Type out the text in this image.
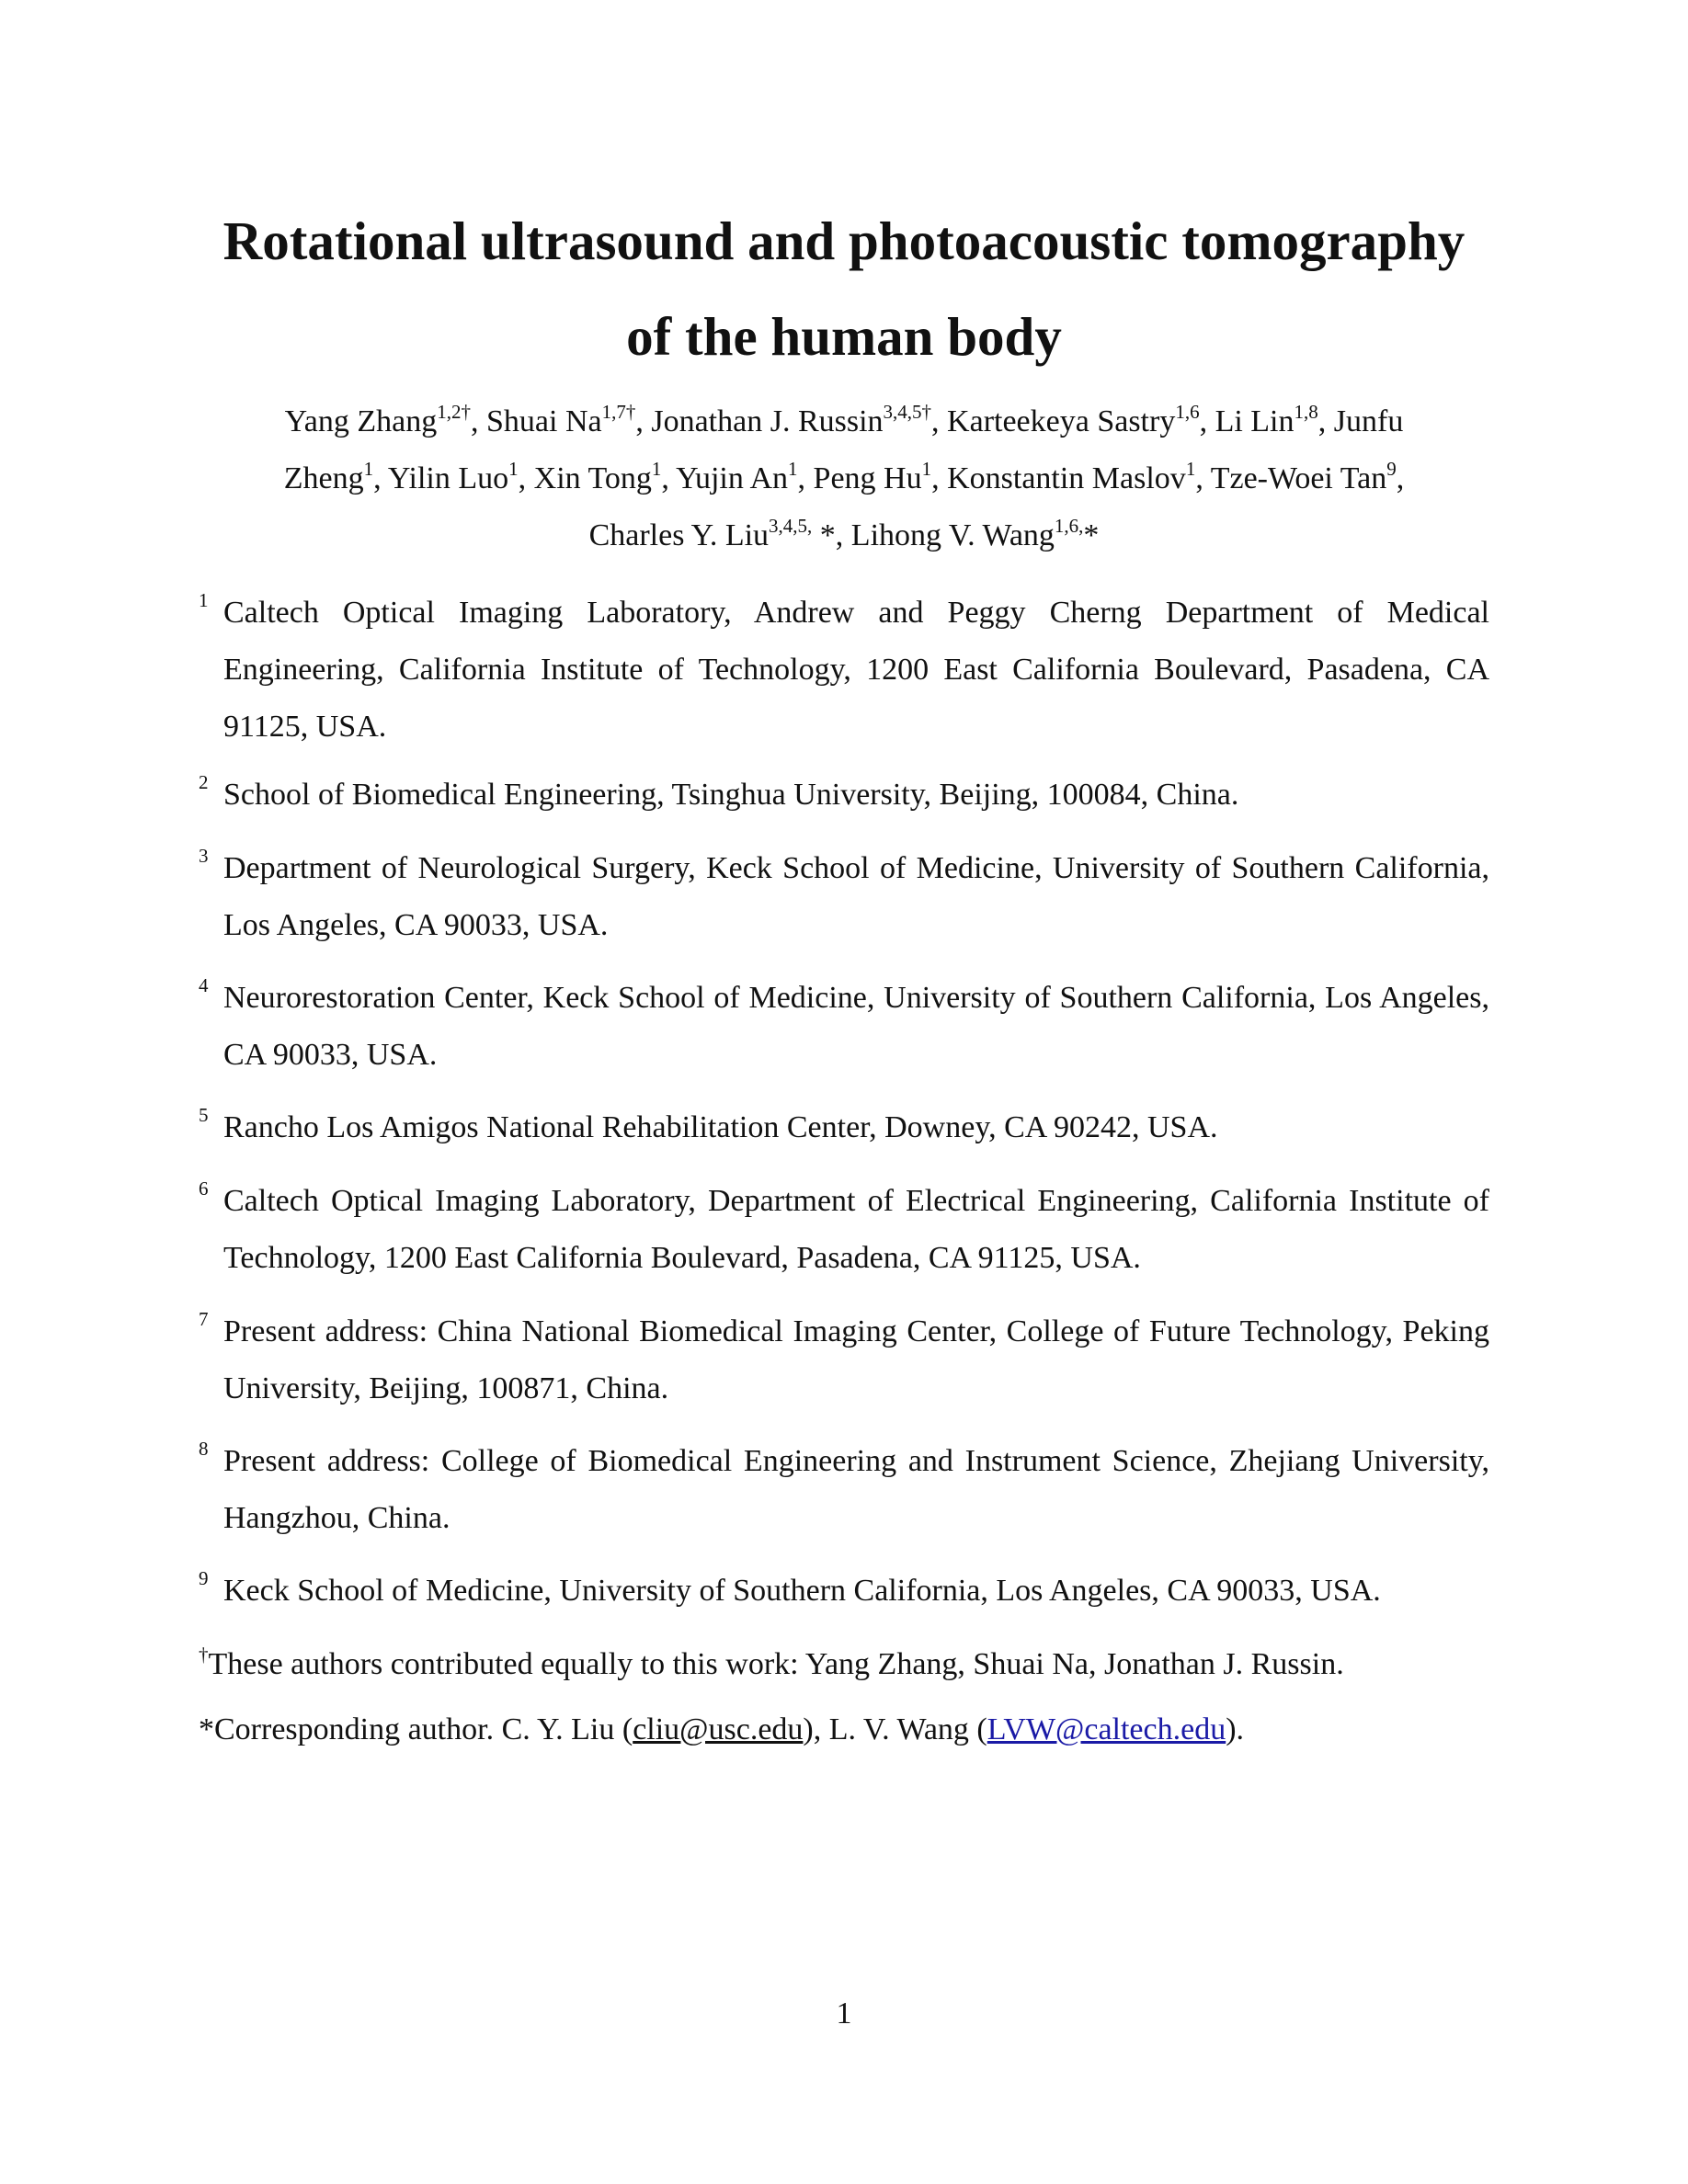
Rotational ultrasound and photoacoustic tomography
of the human body
Yang Zhang$^{1,2\dagger}$, Shuai $Na^{1,7\dagger}$, Jonathan J. Russin$^{3,4,5\dagger}$, Karteekeya Sastry$^{1,6}$, Li Lin$^{1,8}$, Junfu
Zheng$^1$, Yilin Luo$^1$, Xin Tong$^1$, Yujin An$^1$, Peng Hu$^1$, Konstantin Maslov$^1$, Tze-Woei Tan$^9$,
Charles Y. Liu$^{3,4,5,}$ *, Lihong V. Wang$^{1,6,}$*
1 Caltech Optical Imaging Laboratory, Andrew and Peggy Cherng Department of Medical Engineering, California Institute of Technology, 1200 East California Boulevard, Pasadena, CA 91125, USA.
2 School of Biomedical Engineering, Tsinghua University, Beijing, 100084, China.
3 Department of Neurological Surgery, Keck School of Medicine, University of Southern California, Los Angeles, CA 90033, USA.
4 Neurorestoration Center, Keck School of Medicine, University of Southern California, Los Angeles, CA 90033, USA.
5 Rancho Los Amigos National Rehabilitation Center, Downey, CA 90242, USA.
6 Caltech Optical Imaging Laboratory, Department of Electrical Engineering, California Institute of Technology, 1200 East California Boulevard, Pasadena, CA 91125, USA.
7 Present address: China National Biomedical Imaging Center, College of Future Technology, Peking University, Beijing, 100871, China.
8 Present address: College of Biomedical Engineering and Instrument Science, Zhejiang University, Hangzhou, China.
9 Keck School of Medicine, University of Southern California, Los Angeles, CA 90033, USA.
†These authors contributed equally to this work: Yang Zhang, Shuai Na, Jonathan J. Russin.
*Corresponding author. C. Y. Liu (cliu@usc.edu), L. V. Wang (LVW@caltech.edu).
1
